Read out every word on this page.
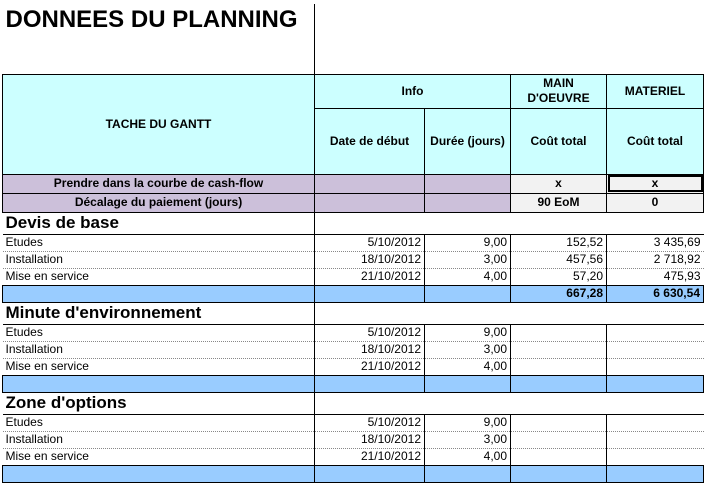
DONNEES DU PLANNING				
TACHE DU GANTT	Info		MAIN D'OEUVRE	MATERIEL
	Date de début	Durée (jours)	Coût total	Coût total
Prendre dans la courbe de cash-flow			x	x
Décalage du paiement (jours)			90 EoM	0
Devis de base				
Etudes	5/10/2012	9,00	152,52	3 435,69
Installation	18/10/2012	3,00	457,56	2 718,92
Mise en service	21/10/2012	4,00	57,20	475,93
			667,28	6 630,54
Minute d'environnement				
Etudes	5/10/2012	9,00		
Installation	18/10/2012	3,00		
Mise en service	21/10/2012	4,00		

Zone d'options				
Etudes	5/10/2012	9,00		
Installation	18/10/2012	3,00		
Mise en service	21/10/2012	4,00		
